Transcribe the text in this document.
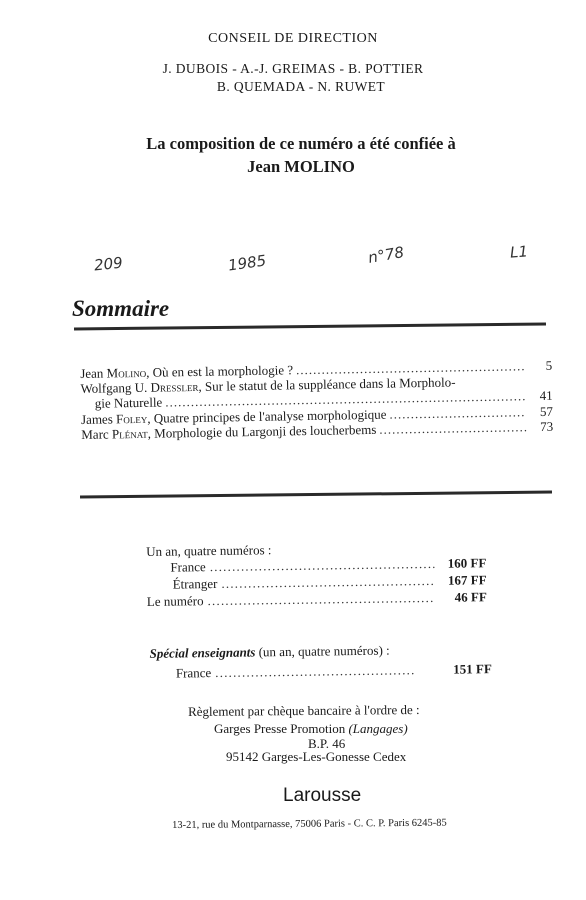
CONSEIL DE DIRECTION
J. DUBOIS - A.-J. GREIMAS - B. POTTIER
B. QUEMADA - N. RUWET
La composition de ce numéro a été confiée à
Jean MOLINO
209	1985	n°78	L1
Sommaire
Jean Molino, Où en est la morphologie ? .....	5
Wolfgang U. Dressler, Sur le statut de la suppléance dans la Morpholo-
gie Naturelle .....	41
James Foley, Quatre principes de l'analyse morphologique .....	57
Marc Plénat, Morphologie du Largonji des loucherbems .....	73
Un an, quatre numéros :
France .....	160 FF
Étranger .....	167 FF
Le numéro .....	46 FF
Spécial enseignants (un an, quatre numéros) :
France .....	151 FF
Règlement par chèque bancaire à l'ordre de :
Garges Presse Promotion (Langages)
B.P. 46
95142 Garges-Les-Gonesse Cedex
Larousse
13-21, rue du Montparnasse, 75006 Paris - C. C. P. Paris 6245-85
